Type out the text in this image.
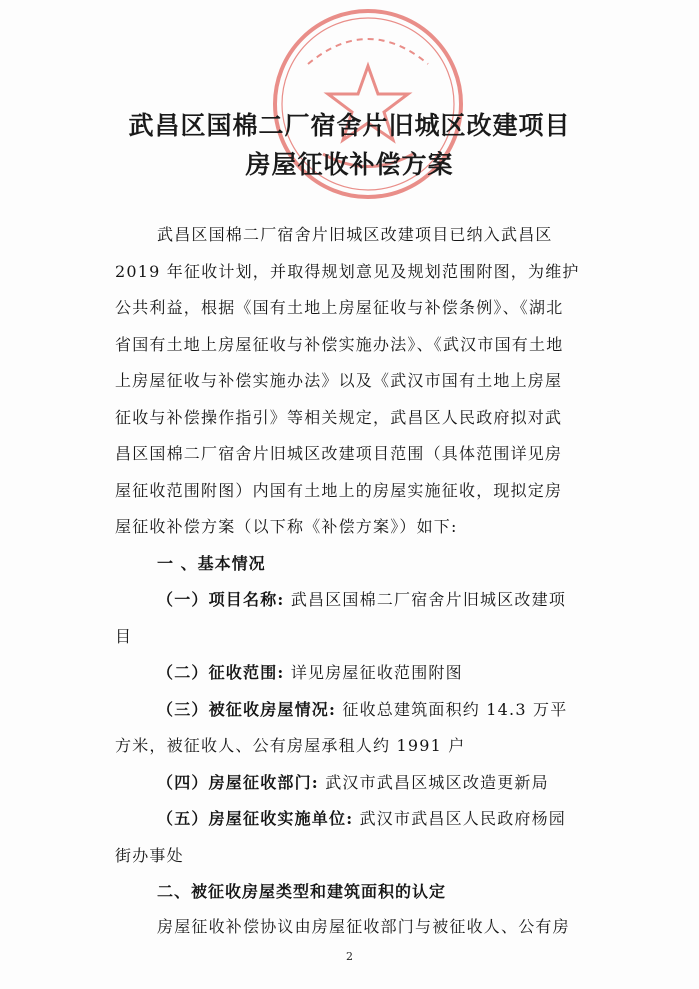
武昌区国棉二厂宿舍片旧城区改建项目
房屋征收补偿方案
武昌区国棉二厂宿舍片旧城区改建项目已纳入武昌区
2019 年征收计划，并取得规划意见及规划范围附图，为维护
公共利益，根据《国有土地上房屋征收与补偿条例》、《湖北
省国有土地上房屋征收与补偿实施办法》、《武汉市国有土地
上房屋征收与补偿实施办法》以及《武汉市国有土地上房屋
征收与补偿操作指引》等相关规定，武昌区人民政府拟对武
昌区国棉二厂宿舍片旧城区改建项目范围（具体范围详见房
屋征收范围附图）内国有土地上的房屋实施征收，现拟定房
屋征收补偿方案（以下称《补偿方案》）如下:
一 、基本情况
（一）项目名称: 武昌区国棉二厂宿舍片旧城区改建项
目
（二）征收范围: 详见房屋征收范围附图
（三）被征收房屋情况: 征收总建筑面积约 14.3 万平
方米，被征收人、公有房屋承租人约 1991 户
（四）房屋征收部门: 武汉市武昌区城区改造更新局
（五）房屋征收实施单位: 武汉市武昌区人民政府杨园
街办事处
二、被征收房屋类型和建筑面积的认定
2
房屋征收补偿协议由房屋征收部门与被征收人、公有房
